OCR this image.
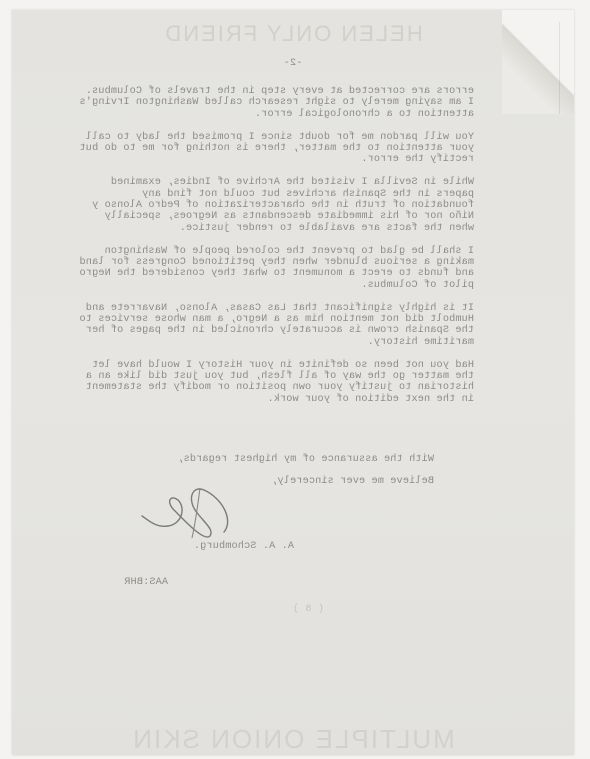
HELEN ONLY FRIEND
-2-

errors are corrected at every step in the travels of Columbus. I am saying merely to sight research called Washington Irving's attention to a chronological error.

You will pardon me for doubt since I promised the lady to call your attention to the matter, there is nothing for me to do but rectify the error.

While in Sevilla I visited the Archive of Indies, examined papers in the Spanish archives but could not find any foundation of truth in the characterization of Pedro Alonso y Niño nor of his immediate descendants as Negroes, specially when the facts are available to render justice.

I shall be glad to prevent the colored people of Washington making a serious blunder when they petitioned Congress for land and funds to erect a monument to what they considered the Negro pilot of Columbus.

It is highly significant that Las Casas, Alonso, Navarrete and Humbolt did not mention him as a Negro, a man whose services to the Spanish crown is accurately chronicled in the pages of her maritime history.

Had you not been so definite in your History I would have let the matter go the way of all flesh, but you just did like an a historian to justify your own position or modify the statement in the next edition of your work.

With the assurance of my highest regards,
Believe me ever sincerely,
A. A. Schomburg.
AAS:BHR
( 8 )
MULTIPLE ONION SKIN
